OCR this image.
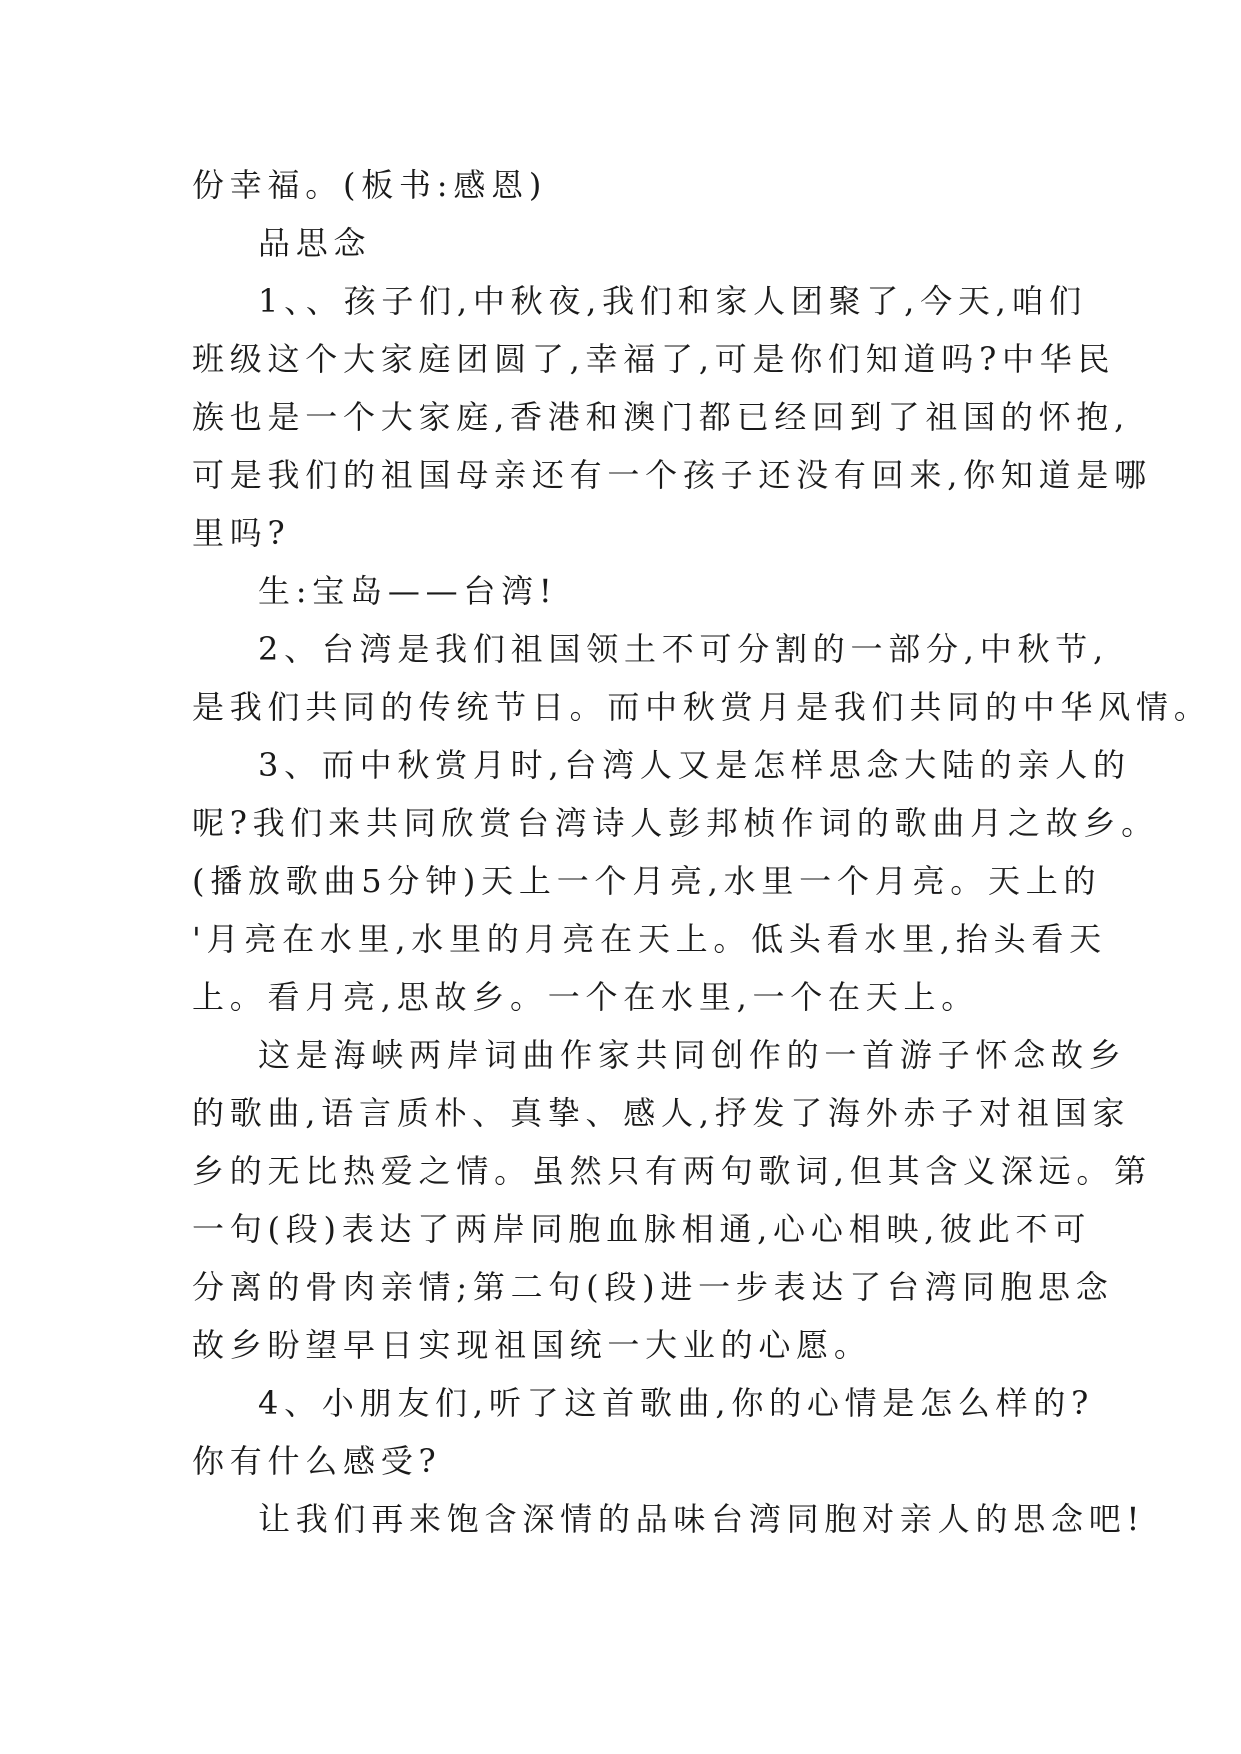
份幸福。(板书:感恩)
品思念
1、、孩子们,中秋夜,我们和家人团聚了,今天,咱们
班级这个大家庭团圆了,幸福了,可是你们知道吗?中华民
族也是一个大家庭,香港和澳门都已经回到了祖国的怀抱,
可是我们的祖国母亲还有一个孩子还没有回来,你知道是哪
里吗?
生:宝岛——台湾!
2、台湾是我们祖国领土不可分割的一部分,中秋节,
是我们共同的传统节日。而中秋赏月是我们共同的中华风情。
3、而中秋赏月时,台湾人又是怎样思念大陆的亲人的
呢?我们来共同欣赏台湾诗人彭邦桢作词的歌曲月之故乡。
(播放歌曲5分钟)天上一个月亮,水里一个月亮。天上的
'月亮在水里,水里的月亮在天上。低头看水里,抬头看天
上。看月亮,思故乡。一个在水里,一个在天上。
这是海峡两岸词曲作家共同创作的一首游子怀念故乡
的歌曲,语言质朴、真挚、感人,抒发了海外赤子对祖国家
乡的无比热爱之情。虽然只有两句歌词,但其含义深远。第
一句(段)表达了两岸同胞血脉相通,心心相映,彼此不可
分离的骨肉亲情;第二句(段)进一步表达了台湾同胞思念
故乡盼望早日实现祖国统一大业的心愿。
4、小朋友们,听了这首歌曲,你的心情是怎么样的?
你有什么感受?
让我们再来饱含深情的品味台湾同胞对亲人的思念吧!
